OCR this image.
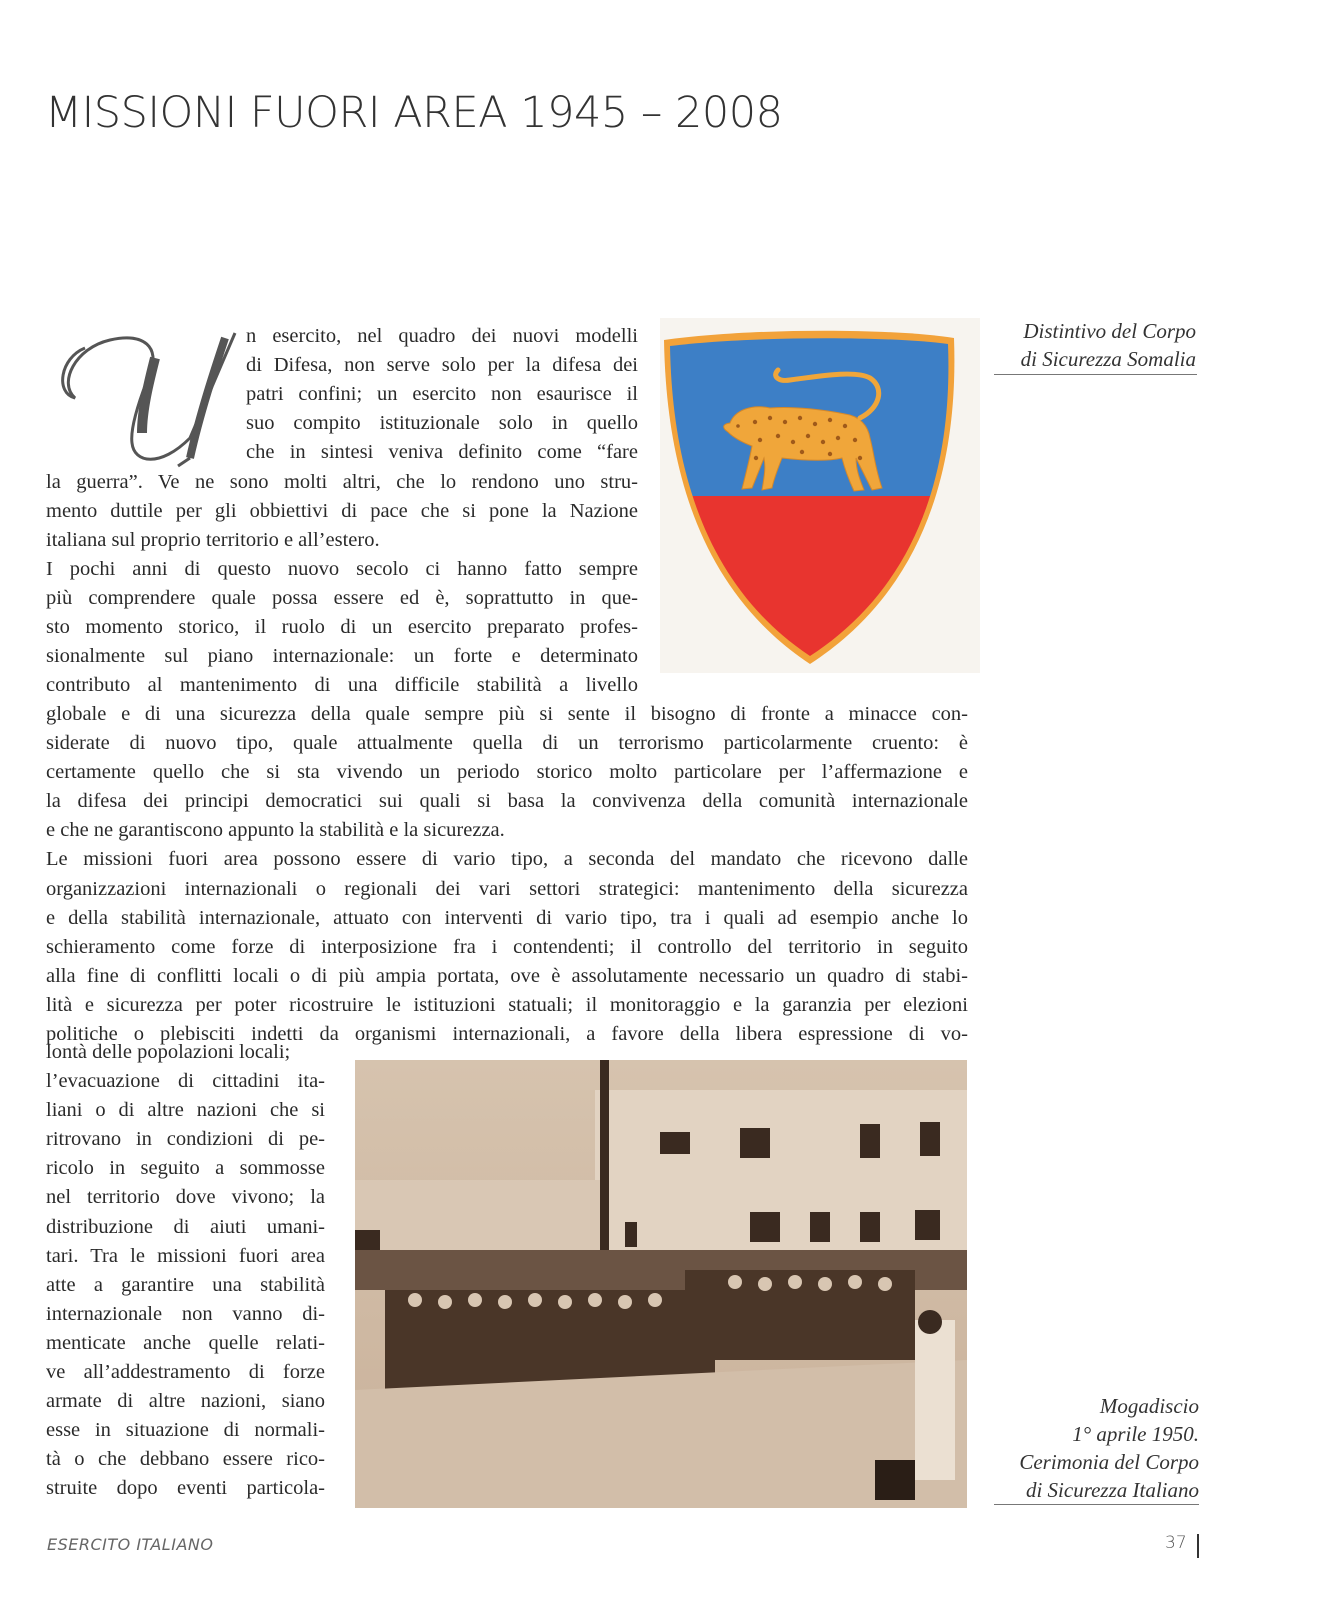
MISSIONI FUORI AREA 1945 – 2008
n esercito, nel quadro dei nuovi modelli
di Difesa, non serve solo per la difesa dei
patri confini; un esercito non esaurisce il
suo compito istituzionale solo in quello
che in sintesi veniva definito come “fare
la guerra”. Ve ne sono molti altri, che lo rendono uno stru-
mento duttile per gli obbiettivi di pace che si pone la Nazione
italiana sul proprio territorio e all’estero.
I pochi anni di questo nuovo secolo ci hanno fatto sempre
più comprendere quale possa essere ed è, soprattutto in que-
sto momento storico, il ruolo di un esercito preparato profes-
sionalmente sul piano internazionale: un forte e determinato
contributo al mantenimento di una difficile stabilità a livello
globale e di una sicurezza della quale sempre più si sente il bisogno di fronte a minacce con-
siderate di nuovo tipo, quale attualmente quella di un terrorismo particolarmente cruento: è
certamente quello che si sta vivendo un periodo storico molto particolare per l’affermazione e
la difesa dei principi democratici sui quali si basa la convivenza della comunità internazionale
e che ne garantiscono appunto la stabilità e la sicurezza.
Le missioni fuori area possono essere di vario tipo, a seconda del mandato che ricevono dalle
organizzazioni internazionali o regionali dei vari settori strategici: mantenimento della sicurezza
e della stabilità internazionale, attuato con interventi di vario tipo, tra i quali ad esempio anche lo
schieramento come forze di interposizione fra i contendenti; il controllo del territorio in seguito
alla fine di conflitti locali o di più ampia portata, ove è assolutamente necessario un quadro di stabi-
lità e sicurezza per poter ricostruire le istituzioni statuali; il monitoraggio e la garanzia per elezioni
politiche o plebisciti indetti da organismi internazionali, a favore della libera espressione di vo-
lontà delle popolazioni locali;
l’evacuazione di cittadini ita-
liani o di altre nazioni che si
ritrovano in condizioni di pe-
ricolo in seguito a sommosse
nel territorio dove vivono; la
distribuzione di aiuti umani-
tari. Tra le missioni fuori area
atte a garantire una stabilità
internazionale non vanno di-
menticate anche quelle relati-
ve all’addestramento di forze
armate di altre nazioni, siano
esse in situazione di normali-
tà o che debbano essere rico-
struite dopo eventi particola-
Distintivo del Corpo
di Sicurezza Somalia
Mogadiscio
1° aprile 1950.
Cerimonia del Corpo
di Sicurezza Italiano
ESERCITO ITALIANO	37
